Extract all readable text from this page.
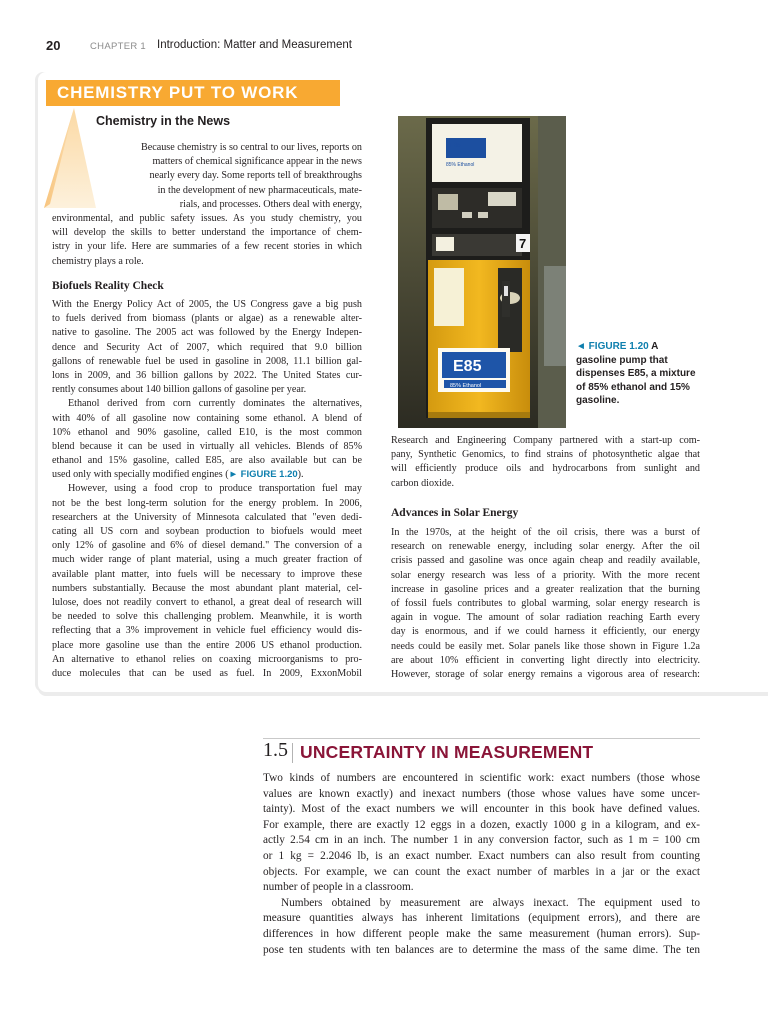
20	CHAPTER 1 Introduction: Matter and Measurement
CHEMISTRY PUT TO WORK
Chemistry in the News
Because chemistry is so central to our lives, reports on
matters of chemical significance appear in the news
nearly every day. Some reports tell of breakthroughs
in the development of new pharmaceuticals, mate-
rials, and processes. Others deal with energy,
environmental, and public safety issues. As you study chemistry, you
will develop the skills to better understand the importance of chem-
istry in your life. Here are summaries of a few recent stories in which
chemistry plays a role.
Biofuels Reality Check
With the Energy Policy Act of 2005, the US Congress gave a big push
to fuels derived from biomass (plants or algae) as a renewable alter-
native to gasoline. The 2005 act was followed by the Energy Indepen-
dence and Security Act of 2007, which required that 9.0 billion
gallons of renewable fuel be used in gasoline in 2008, 11.1 billion gal-
lons in 2009, and 36 billion gallons by 2022. The United States cur-
rently consumes about 140 billion gallons of gasoline per year.
Ethanol derived from corn currently dominates the alternatives,
with 40% of all gasoline now containing some ethanol. A blend of
10% ethanol and 90% gasoline, called E10, is the most common
blend because it can be used in virtually all vehicles. Blends of 85%
ethanol and 15% gasoline, called E85, are also available but can be
used only with specially modified engines (► FIGURE 1.20).
However, using a food crop to produce transportation fuel may
not be the best long-term solution for the energy problem. In 2006,
researchers at the University of Minnesota calculated that "even dedi-
cating all US corn and soybean production to biofuels would meet
only 12% of gasoline and 6% of diesel demand." The conversion of a
much wider range of plant material, using a much greater fraction of
available plant matter, into fuels will be necessary to improve these
numbers substantially. Because the most abundant plant material, cel-
lulose, does not readily convert to ethanol, a great deal of research will
be needed to solve this challenging problem. Meanwhile, it is worth
reflecting that a 3% improvement in vehicle fuel efficiency would dis-
place more gasoline use than the entire 2006 US ethanol production.
An alternative to ethanol relies on coaxing microorganisms to pro-
duce molecules that can be used as fuel. In 2009, ExxonMobil
E85
85% Ethanol
E85
85% Ethanol
7
◄ FIGURE 1.20 A gasoline pump that dispenses E85, a mixture of 85% ethanol and 15% gasoline.
Research and Engineering Company partnered with a start-up com-
pany, Synthetic Genomics, to find strains of photosynthetic algae that
will efficiently produce oils and hydrocarbons from sunlight and
carbon dioxide.
Advances in Solar Energy
In the 1970s, at the height of the oil crisis, there was a burst of
research on renewable energy, including solar energy. After the oil
crisis passed and gasoline was once again cheap and readily available,
solar energy research was less of a priority. With the more recent
increase in gasoline prices and a greater realization that the burning
of fossil fuels contributes to global warming, solar energy research is
again in vogue. The amount of solar radiation reaching Earth every
day is enormous, and if we could harness it efficiently, our energy
needs could be easily met. Solar panels like those shown in Figure 1.2a
are about 10% efficient in converting light directly into electricity.
However, storage of solar energy remains a vigorous area of research:
1.5 UNCERTAINTY IN MEASUREMENT
Two kinds of numbers are encountered in scientific work: exact numbers (those whose
values are known exactly) and inexact numbers (those whose values have some uncer-
tainty). Most of the exact numbers we will encounter in this book have defined values.
For example, there are exactly 12 eggs in a dozen, exactly 1000 g in a kilogram, and ex-
actly 2.54 cm in an inch. The number 1 in any conversion factor, such as 1 m = 100 cm
or 1 kg = 2.2046 lb, is an exact number. Exact numbers can also result from counting
objects. For example, we can count the exact number of marbles in a jar or the exact
number of people in a classroom.
Numbers obtained by measurement are always inexact. The equipment used to
measure quantities always has inherent limitations (equipment errors), and there are
differences in how different people make the same measurement (human errors). Sup-
pose ten students with ten balances are to determine the mass of the same dime. The ten
